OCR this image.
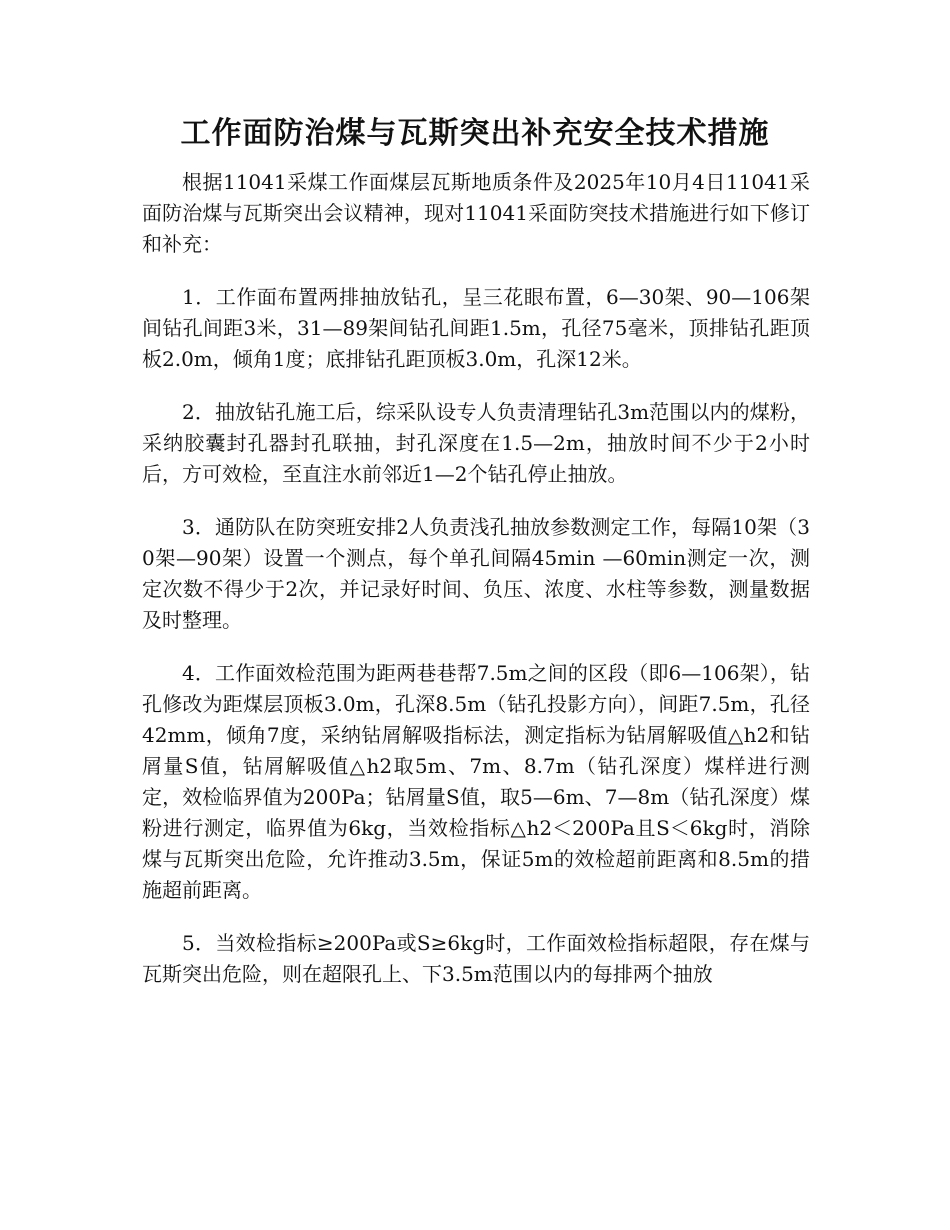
工作面防治煤与瓦斯突出补充安全技术措施

根据11041采煤工作面煤层瓦斯地质条件及2025年10月4日11041采面防治煤与瓦斯突出会议精神，现对11041采面防突技术措施进行如下修订和补充：

1．工作面布置两排抽放钻孔，呈三花眼布置，6—30架、90—106架间钻孔间距3米，31—89架间钻孔间距1.5m，孔径75毫米，顶排钻孔距顶板2.0m，倾角1度；底排钻孔距顶板3.0m，孔深12米。

2．抽放钻孔施工后，综采队设专人负责清理钻孔3m范围以内的煤粉，采纳胶囊封孔器封孔联抽，封孔深度在1.5—2m，抽放时间不少于2小时后，方可效检，至直注水前邻近1—2个钻孔停止抽放。

3．通防队在防突班安排2人负责浅孔抽放参数测定工作，每隔10架（30架—90架）设置一个测点，每个单孔间隔45min —60min测定一次，测定次数不得少于2次，并记录好时间、负压、浓度、水柱等参数，测量数据及时整理。

4．工作面效检范围为距两巷巷帮7.5m之间的区段（即6—106架），钻孔修改为距煤层顶板3.0m，孔深8.5m（钻孔投影方向），间距7.5m，孔径42mm，倾角7度，采纳钻屑解吸指标法，测定指标为钻屑解吸值△h2和钻屑量S值，钻屑解吸值△h2取5m、7m、8.7m（钻孔深度）煤样进行测定，效检临界值为200Pa；钻屑量S值，取5—6m、7—8m（钻孔深度）煤粉进行测定，临界值为6kg，当效检指标△h2＜200Pa且S＜6kg时，消除煤与瓦斯突出危险，允许推动3.5m，保证5m的效检超前距离和8.5m的措施超前距离。

5．当效检指标≥200Pa或S≥6kg时，工作面效检指标超限，存在煤与瓦斯突出危险，则在超限孔上、下3.5m范围以内的每排两个抽放
